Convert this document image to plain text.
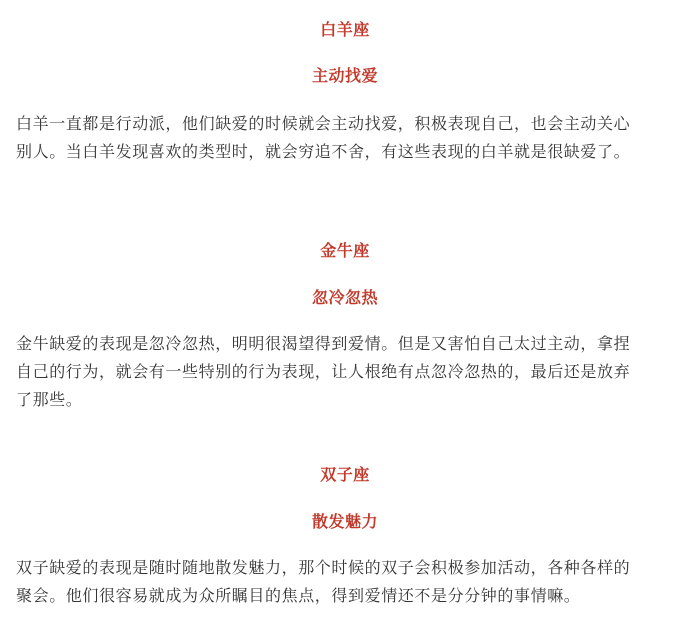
白羊座
主动找爱
白羊一直都是行动派，他们缺爱的时候就会主动找爱，积极表现自己，也会主动关心
别人。当白羊发现喜欢的类型时，就会穷追不舍，有这些表现的白羊就是很缺爱了。
金牛座
忽冷忽热
金牛缺爱的表现是忽冷忽热，明明很渴望得到爱情。但是又害怕自己太过主动，拿捏
自己的行为，就会有一些特别的行为表现，让人根绝有点忽冷忽热的，最后还是放弃
了那些。
双子座
散发魅力
双子缺爱的表现是随时随地散发魅力，那个时候的双子会积极参加活动，各种各样的
聚会。他们很容易就成为众所瞩目的焦点，得到爱情还不是分分钟的事情嘛。
